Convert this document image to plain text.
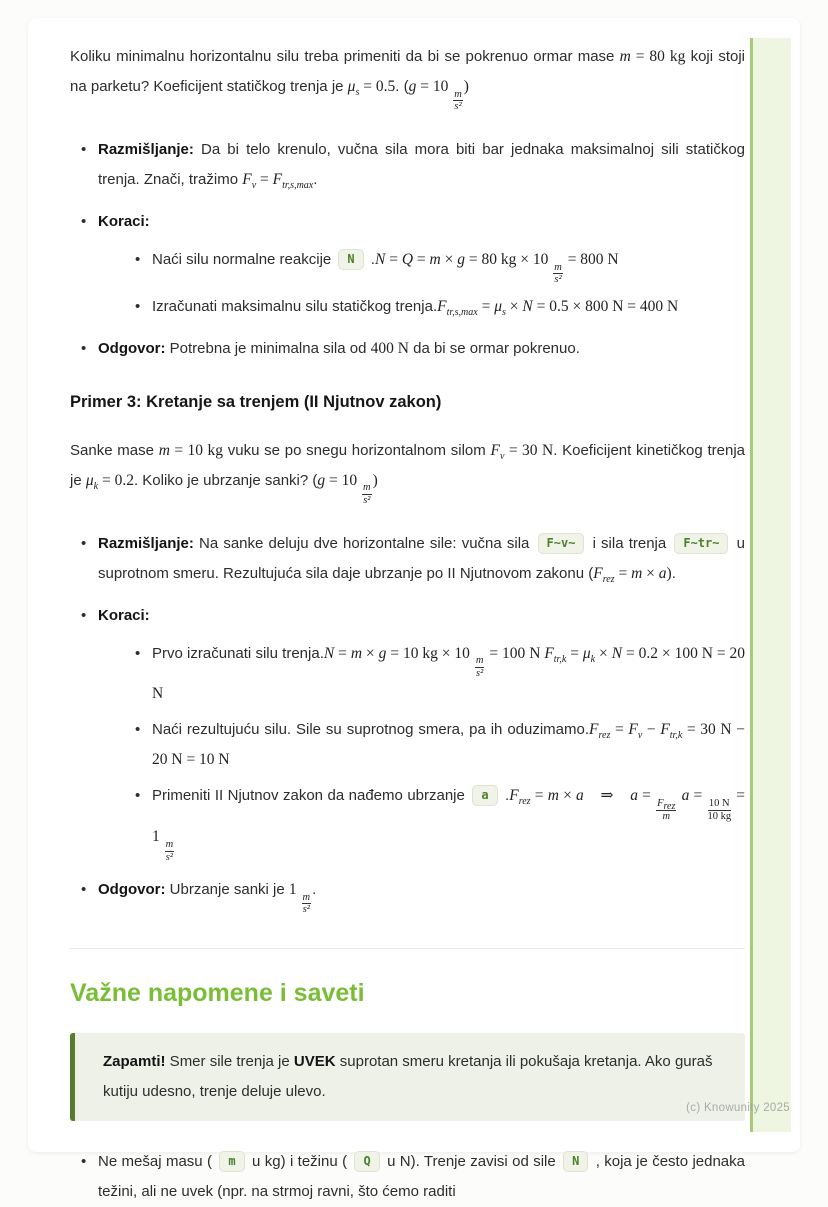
Koliku minimalnu horizontalnu silu treba primeniti da bi se pokrenuo ormar mase m = 80 kg koji stoji na parketu? Koeficijent statičkog trenja je $\mu_s = 0.5$. (g = 10
$\frac{m}{\text{s²}}$
)

• Razmišljanje: Da bi telo krenulo, vučna sila mora biti bar jednaka maksimalnoj sili statičkog trenja. Znači, tražimo $F_v = F_{tr,s,max}$.
• Koraci:
• Naći silu normalne reakcije N .N = Q = m × g = 80 kg × 10
$\frac{m}{\text{s²}}$
= 800 N
• Izračunati maksimalnu silu statičkog $trenja.F_{tr,s,max} = \mu_s \times N = 0.5 \times 800$ N = 400 N
• Odgovor: Potrebna je minimalna sila od 400 N da bi se ormar pokrenuo.
Primer 3: Kretanje sa trenjem (II Njutnov zakon)

Sanke mase m = 10 kg vuku se po snegu horizontalnom silom $F_v = 30$ N. Koeficijent kinetičkog trenja je $\mu_k = 0.2$. Koliko je ubrzanje sanki? (g = 10
$\frac{m}{\text{s²}}$
)

• Razmišljanje: Na sanke deluju dve horizontalne sile: vučna sila F~v~ i sila trenja F~tr~ u suprotnom smeru. Rezultujuća sila daje ubrzanje po II Njutnovom zakonu $(F_{rez} = m \times a)$.
• Koraci:
• Prvo izračunati silu trenja.N = m × g = 10 kg × 10
$\frac{m}{\text{s²}}$
= 100 N $F_{tr,k} = \mu_k \times N = 0.2 \times 100$ N = 20 N
• Naći rezultujuću silu. Sile su suprotnog smera, pa ih $oduzimamo.F_{rez} = F_v - F_{tr,k} = 30$ N − 20 N = 10 N
• Primeniti II Njutnov zakon da nađemo ubrzanje a $.F_{rez} = m \times a$    ⇒    a =
$\frac{F_{rez}}{m}$
a =
$\frac{10 N}{10 kg}$
= 1
$\frac{m}{\text{s²}}$
• Odgovor: Ubrzanje sanki je 1
$\frac{m}{\text{s²}}$
.
Važne napomene i saveti
Zapamti! Smer sile trenja je UVEK suprotan smeru kretanja ili pokušaja kretanja. Ako guraš kutiju udesno, trenje deluje ulevo.
• Ne mešaj masu ( m u kg) i težinu ( Q u N). Trenje zavisi od sile N , koja je često jednaka težini, ali ne uvek (npr. na strmoj ravni, što ćemo raditi
(c) Knowunity 2025
